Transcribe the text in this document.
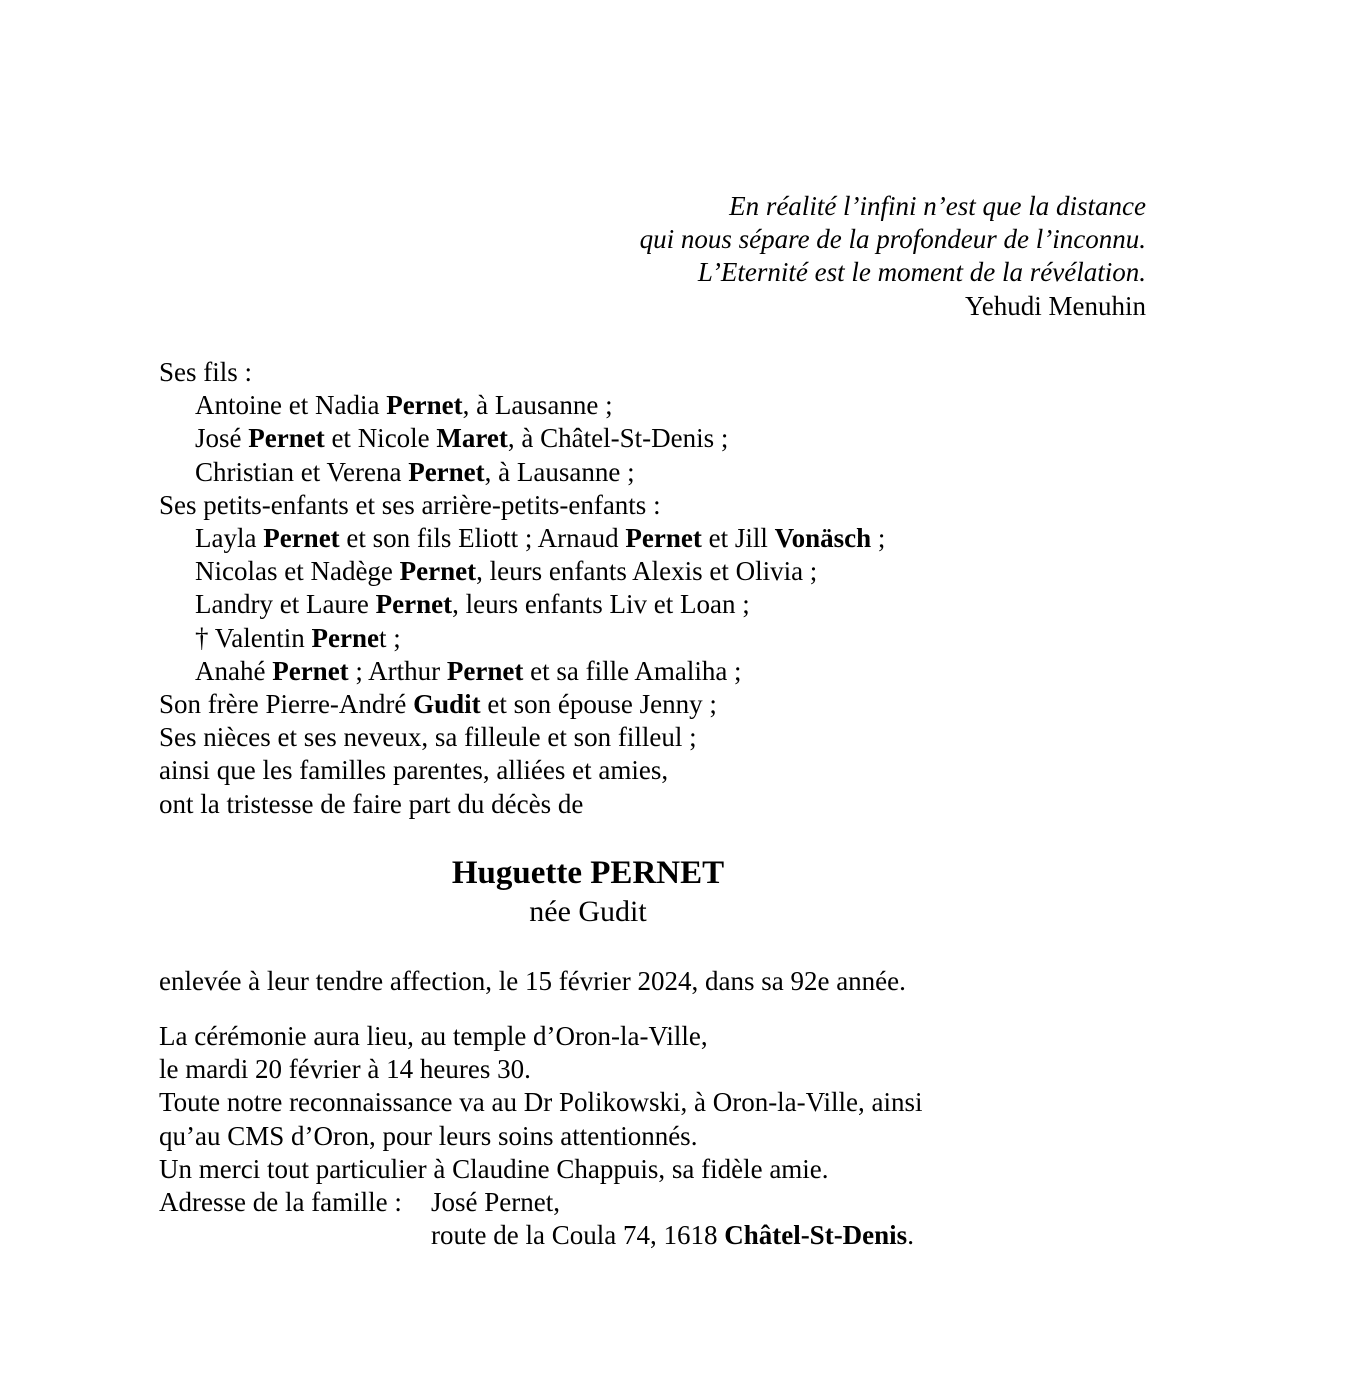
En réalité l’infini n’est que la distance
qui nous sépare de la profondeur de l’inconnu.
L’Eternité est le moment de la révélation.
Yehudi Menuhin
Ses fils :
Antoine et Nadia Pernet, à Lausanne ;
José Pernet et Nicole Maret, à Châtel-St-Denis ;
Christian et Verena Pernet, à Lausanne ;
Ses petits-enfants et ses arrière-petits-enfants :
Layla Pernet et son fils Eliott ; Arnaud Pernet et Jill Vonäsch ;
Nicolas et Nadège Pernet, leurs enfants Alexis et Olivia ;
Landry et Laure Pernet, leurs enfants Liv et Loan ;
† Valentin Pernet ;
Anahé Pernet ; Arthur Pernet et sa fille Amaliha ;
Son frère Pierre-André Gudit et son épouse Jenny ;
Ses nièces et ses neveux, sa filleule et son filleul ;
ainsi que les familles parentes, alliées et amies,
ont la tristesse de faire part du décès de
Huguette PERNET
née Gudit
enlevée à leur tendre affection, le 15 février 2024, dans sa 92e année.
La cérémonie aura lieu, au temple d’Oron-la-Ville,
le mardi 20 février à 14 heures 30.
Toute notre reconnaissance va au Dr Polikowski, à Oron-la-Ville, ainsi
qu’au CMS d’Oron, pour leurs soins attentionnés.
Un merci tout particulier à Claudine Chappuis, sa fidèle amie.
Adresse de la famille : José Pernet,
route de la Coula 74, 1618 Châtel-St-Denis.
